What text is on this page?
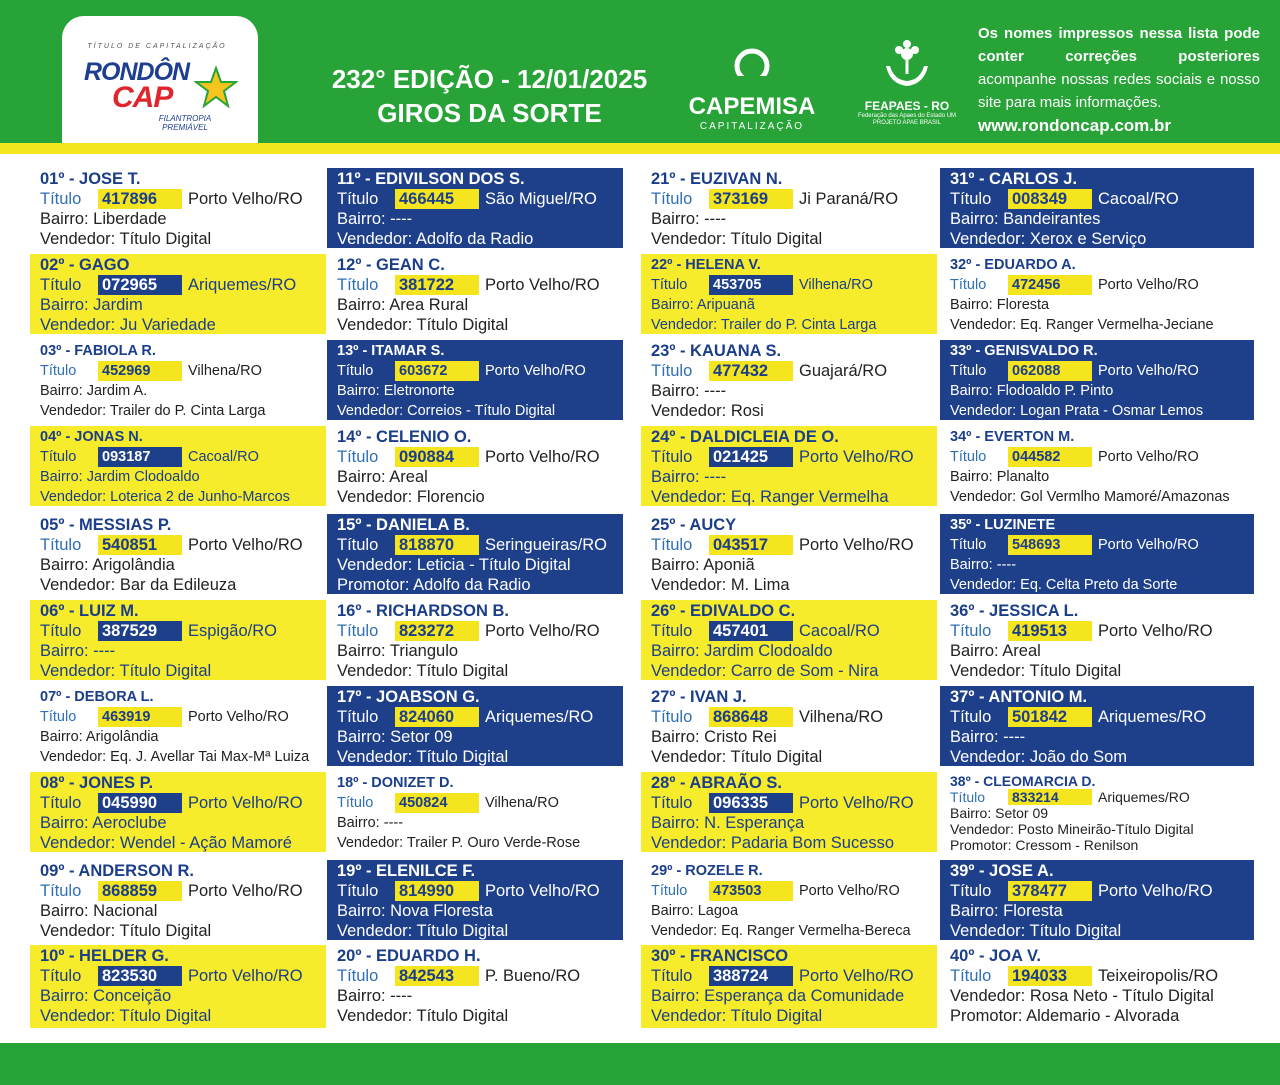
TÍTULO DE CAPITALIZAÇÃO
RONDÔN
CAP
FILANTROPIA PREMIÁVEL
232° EDIÇÃO - 12/01/2025
GIROS DA SORTE	CAPEMISA
CAPITALIZAÇÃO
FEAPAES - RO
Federação das Apaes do Estado UM PROJETO APAE BRASIL
Os nomes impressos nessa lista pode conter correções posteriores acompanhe nossas redes sociais e nosso site para mais informações.
www.rondoncap.com.br
01º - JOSE T.
Título	417896	Porto Velho/RO
Bairro: Liberdade
Vendedor: Título Digital
02º - GAGO
Título	072965	Ariquemes/RO
Bairro: Jardim
Vendedor: Ju Variedade
03º - FABIOLA R.
Título	452969	Vilhena/RO
Bairro: Jardim A.
Vendedor: Trailer do P. Cinta Larga
04º - JONAS N.
Título	093187	Cacoal/RO
Bairro: Jardim Clodoaldo
Vendedor: Loterica 2 de Junho-Marcos
05º - MESSIAS P.
Título	540851	Porto Velho/RO
Bairro: Arigolândia
Vendedor: Bar da Edileuza
06º - LUIZ M.
Título	387529	Espigão/RO
Bairro: ----
Vendedor: Título Digital
07º - DEBORA L.
Título	463919	Porto Velho/RO
Bairro: Arigolândia
Vendedor: Eq. J. Avellar Tai Max-Mª Luiza
08º - JONES P.
Título	045990	Porto Velho/RO
Bairro: Aeroclube
Vendedor: Wendel - Ação Mamoré
09º - ANDERSON R.
Título	868859	Porto Velho/RO
Bairro: Nacional
Vendedor: Título Digital
10º - HELDER G.
Título	823530	Porto Velho/RO
Bairro: Conceição
Vendedor: Título Digital
11º - EDIVILSON DOS S.
Título	466445	São Miguel/RO
Bairro: ----
Vendedor: Adolfo da Radio
12º - GEAN C.
Título	381722	Porto Velho/RO
Bairro: Area Rural
Vendedor: Título Digital
13º - ITAMAR S.
Título	603672	Porto Velho/RO
Bairro: Eletronorte
Vendedor: Correios - Título Digital
14º - CELENIO O.
Título	090884	Porto Velho/RO
Bairro: Areal
Vendedor: Florencio
15º - DANIELA B.
Título	818870	Seringueiras/RO
Vendedor: Leticia - Título Digital
Promotor: Adolfo da Radio
16º - RICHARDSON B.
Título	823272	Porto Velho/RO
Bairro: Triangulo
Vendedor: Título Digital
17º - JOABSON G.
Título	824060	Ariquemes/RO
Bairro: Setor 09
Vendedor: Título Digital
18º - DONIZET D.
Título	450824	Vilhena/RO
Bairro: ----
Vendedor: Trailer P. Ouro Verde-Rose
19º - ELENILCE F.
Título	814990	Porto Velho/RO
Bairro: Nova Floresta
Vendedor: Título Digital
20º - EDUARDO H.
Título	842543	P. Bueno/RO
Bairro: ----
Vendedor: Título Digital
21º - EUZIVAN N.
Título	373169	Ji Paraná/RO
Bairro: ----
Vendedor: Título Digital
22º - HELENA V.
Título	453705	Vilhena/RO
Bairro: Aripuanã
Vendedor: Trailer do P. Cinta Larga
23º - KAUANA S.
Título	477432	Guajará/RO
Bairro: ----
Vendedor: Rosi
24º - DALDICLEIA DE O.
Título	021425	Porto Velho/RO
Bairro: ----
Vendedor: Eq. Ranger Vermelha
25º - AUCY
Título	043517	Porto Velho/RO
Bairro: Aponiã
Vendedor: M. Lima
26º - EDIVALDO C.
Título	457401	Cacoal/RO
Bairro: Jardim Clodoaldo
Vendedor: Carro de Som - Nira
27º - IVAN J.
Título	868648	Vilhena/RO
Bairro: Cristo Rei
Vendedor: Título Digital
28º - ABRAÃO S.
Título	096335	Porto Velho/RO
Bairro: N. Esperança
Vendedor: Padaria Bom Sucesso
29º - ROZELE R.
Título	473503	Porto Velho/RO
Bairro: Lagoa
Vendedor: Eq. Ranger Vermelha-Bereca
30º - FRANCISCO
Título	388724	Porto Velho/RO
Bairro: Esperança da Comunidade
Vendedor: Título Digital
31º - CARLOS J.
Título	008349	Cacoal/RO
Bairro: Bandeirantes
Vendedor: Xerox e Serviço
32º - EDUARDO A.
Título	472456	Porto Velho/RO
Bairro: Floresta
Vendedor: Eq. Ranger Vermelha-Jeciane
33º - GENISVALDO R.
Título	062088	Porto Velho/RO
Bairro: Flodoaldo P. Pinto
Vendedor: Logan Prata - Osmar Lemos
34º - EVERTON M.
Título	044582	Porto Velho/RO
Bairro: Planalto
Vendedor: Gol Vermlho Mamoré/Amazonas
35º - LUZINETE
Título	548693	Porto Velho/RO
Bairro: ----
Vendedor: Eq. Celta Preto da Sorte
36º - JESSICA L.
Título	419513	Porto Velho/RO
Bairro: Areal
Vendedor: Título Digital
37º - ANTONIO M.
Título	501842	Ariquemes/RO
Bairro: ----
Vendedor: João do Som
38º - CLEOMARCIA D.
Título	833214	Ariquemes/RO
Bairro: Setor 09
Vendedor: Posto Mineirão-Título Digital
Promotor: Cressom - Renilson
39º - JOSE A.
Título	378477	Porto Velho/RO
Bairro: Floresta
Vendedor: Título Digital
40º - JOA V.
Título	194033	Teixeiropolis/RO
Vendedor: Rosa Neto - Título Digital
Promotor: Aldemario - Alvorada
